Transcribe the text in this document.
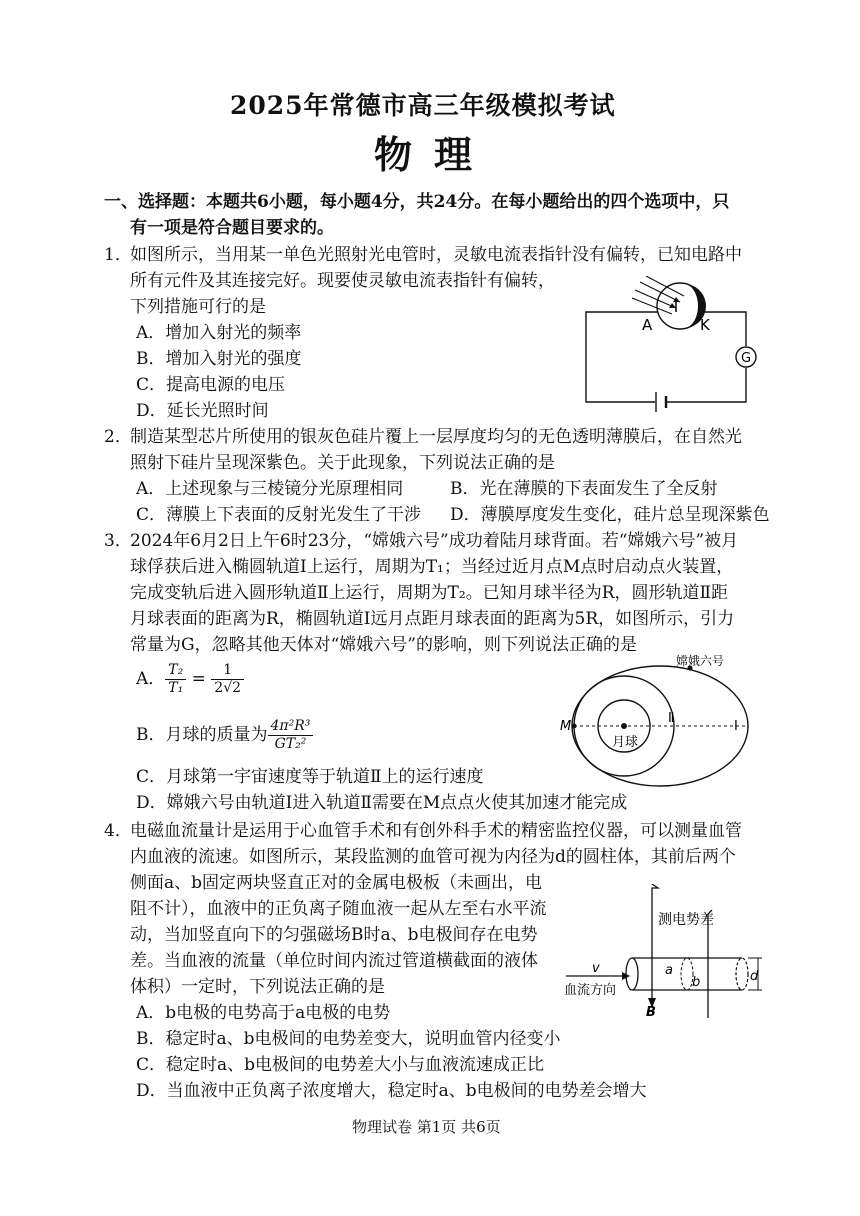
2025年常德市高三年级模拟考试
物理
一、选择题：本题共6小题，每小题4分，共24分。在每小题给出的四个选项中，只
有一项是符合题目要求的。
1．
如图所示，当用某一单色光照射光电管时，灵敏电流表指针没有偏转，已知电路中
所有元件及其连接完好。现要使灵敏电流表指针有偏转，
下列措施可行的是
A．增加入射光的频率
B．增加入射光的强度
C．提高电源的电压
D．延长光照时间
G
A	K
2．
制造某型芯片所使用的银灰色硅片覆上一层厚度均匀的无色透明薄膜后，在自然光
照射下硅片呈现深紫色。关于此现象，下列说法正确的是
A．上述现象与三棱镜分光原理相同	B．光在薄膜的下表面发生了全反射
C．薄膜上下表面的反射光发生了干涉 D．薄膜厚度发生变化，硅片总呈现深紫色
3．
2024年6月2日上午6时23分，“嫦娥六号”成功着陆月球背面。若“嫦娥六号”被月
球俘获后进入椭圆轨道Ⅰ上运行，周期为T₁；当经过近月点M点时启动点火装置，
完成变轨后进入圆形轨道Ⅱ上运行，周期为T₂。已知月球半径为R，圆形轨道Ⅱ距
月球表面的距离为R，椭圆轨道Ⅰ远月点距月球表面的距离为5R，如图所示，引力
常量为G，忽略其他天体对“嫦娥六号”的影响，则下列说法正确的是
A． $\frac{\text{T₂}}{\text{T₁}} = \frac{1}{2√2}$
B．月球的质量为 $\frac{\text{4π²R³}}{\text{GT₂²}}$
C．月球第一宇宙速度等于轨道Ⅱ上的运行速度
D．嫦娥六号由轨道Ⅰ进入轨道Ⅱ需要在M点点火使其加速才能完成
M
嫦娥六号
月球
Ⅱ
Ⅰ
4．
电磁血流量计是运用于心血管手术和有创外科手术的精密监控仪器，可以测量血管
内血液的流速。如图所示，某段监测的血管可视为内径为d的圆柱体，其前后两个
侧面a、b固定两块竖直正对的金属电极板（未画出，电
阻不计），血液中的正负离子随血液一起从左至右水平流
动，当加竖直向下的匀强磁场B时a、b电极间存在电势
差。当血液的流量（单位时间内流过管道横截面的液体
体积）一定时，下列说法正确的是
A．b电极的电势高于a电极的电势
B．稳定时a、b电极间的电势差变大，说明血管内径变小
C．稳定时a、b电极间的电势差大小与血液流速成正比
D．当血液中正负离子浓度增大，稳定时a、b电极间的电势差会增大
B
测电势差
a
b	d
v
血流方向
物理试卷 第1页 共6页
